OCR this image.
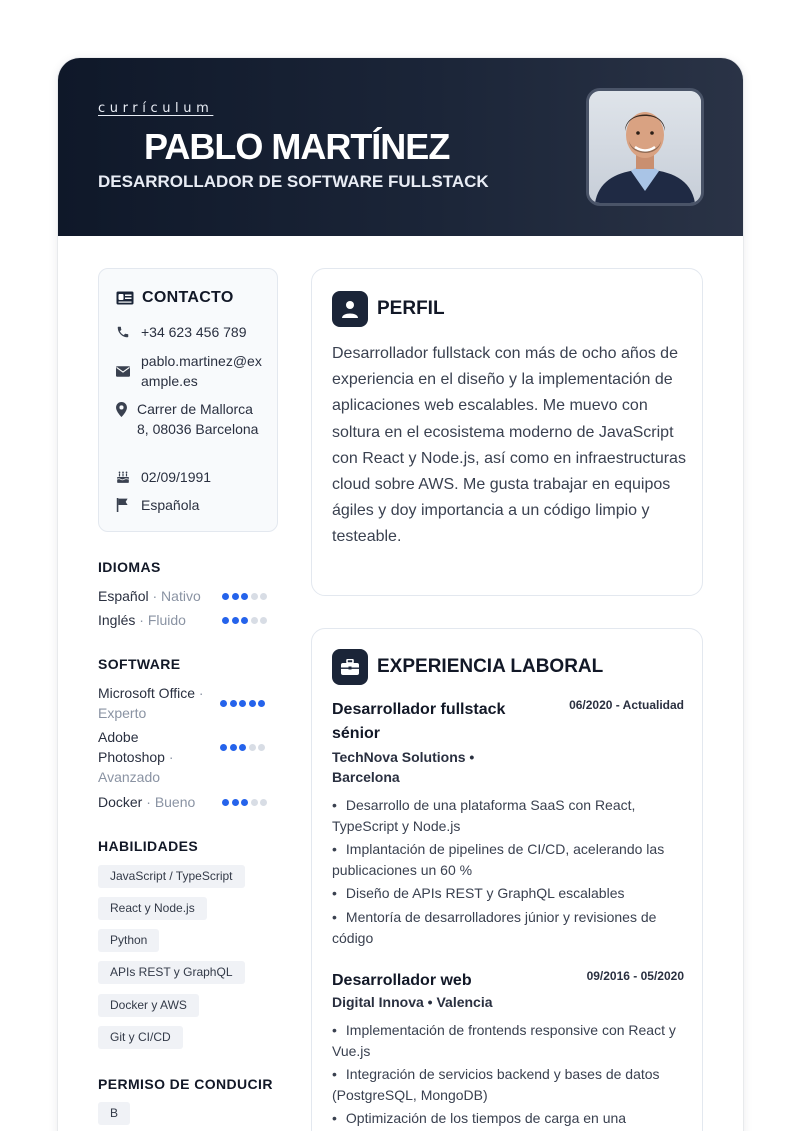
currículum
PABLO MARTÍNEZ
DESARROLLADOR DE SOFTWARE FULLSTACK
CONTACTO
+34 623 456 789
pablo.martinez@example.es
Carrer de Mallorca 8, 08036 Barcelona
02/09/1991
Española
IDIOMAS
SOFTWARE
HABILIDADES
PERMISO DE CONDUCIR
B
PERFIL
Desarrollador fullstack con más de ocho años de experiencia en el diseño y la implementación de aplicaciones web escalables. Me muevo con soltura en el ecosistema moderno de JavaScript con React y Node.js, así como en infraestructuras cloud sobre AWS. Me gusta trabajar en equipos ágiles y doy importancia a un código limpio y testeable.
EXPERIENCIA LABORAL
06/2020 - Actualidad
Desarrollador fullstack sénior
TechNova Solutions • Barcelona
• Desarrollo de una plataforma SaaS con React, TypeScript y Node.js
• Implantación de pipelines de CI/CD, acelerando las publicaciones un 60 %
• Diseño de APIs REST y GraphQL escalables
• Mentoría de desarrolladores júnior y revisiones de código
09/2016 - 05/2020
Desarrollador web
Digital Innova • Valencia
• Implementación de frontends responsive con React y Vue.js
• Integración de servicios backend y bases de datos (PostgreSQL, MongoDB)
• Optimización de los tiempos de carga en una
Español · Nativo
Inglés · Fluido
Microsoft Office · Experto
Adobe Photoshop · Avanzado
Docker · Bueno
JavaScript / TypeScript
React y Node.js
Python
APIs REST y GraphQL
Docker y AWS
Git y CI/CD
